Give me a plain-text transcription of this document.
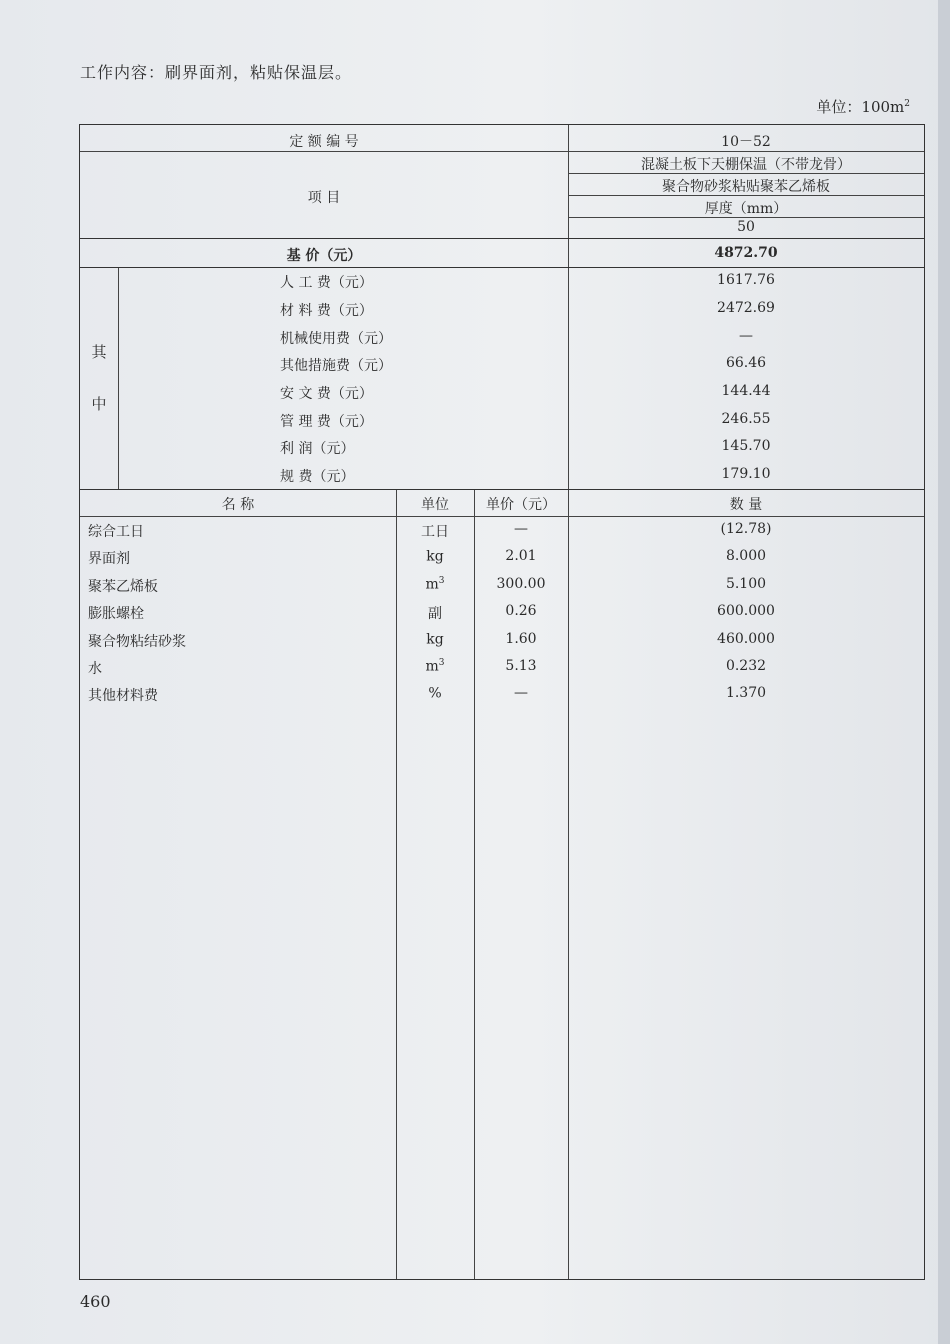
工作内容：刷界面剂，粘贴保温层。
单位：$100m^2$
定 额 编 号	10－52
项 目
混凝土板下天棚保温（不带龙骨）
聚合物砂浆粘贴聚苯乙烯板
厚度（mm）
50
基 价（元）	4872.70
其
中
人 工 费（元）	1617.76
材 料 费（元）	2472.69
机械使用费（元）	—
其他措施费（元）	66.46
安 文 费（元）	144.44
管 理 费（元）	246.55
利 润（元）	145.70
规 费（元）	179.10
名 称	单位	单价（元）	数 量
综合工日	工日	—	(12.78)
界面剂	kg	2.01	8.000
聚苯乙烯板	$m^3$	300.00	5.100
膨胀螺栓	副	0.26	600.000
聚合物粘结砂浆	kg	1.60	460.000
水	$m^3$	5.13	0.232
其他材料费	%	—	1.370
460
